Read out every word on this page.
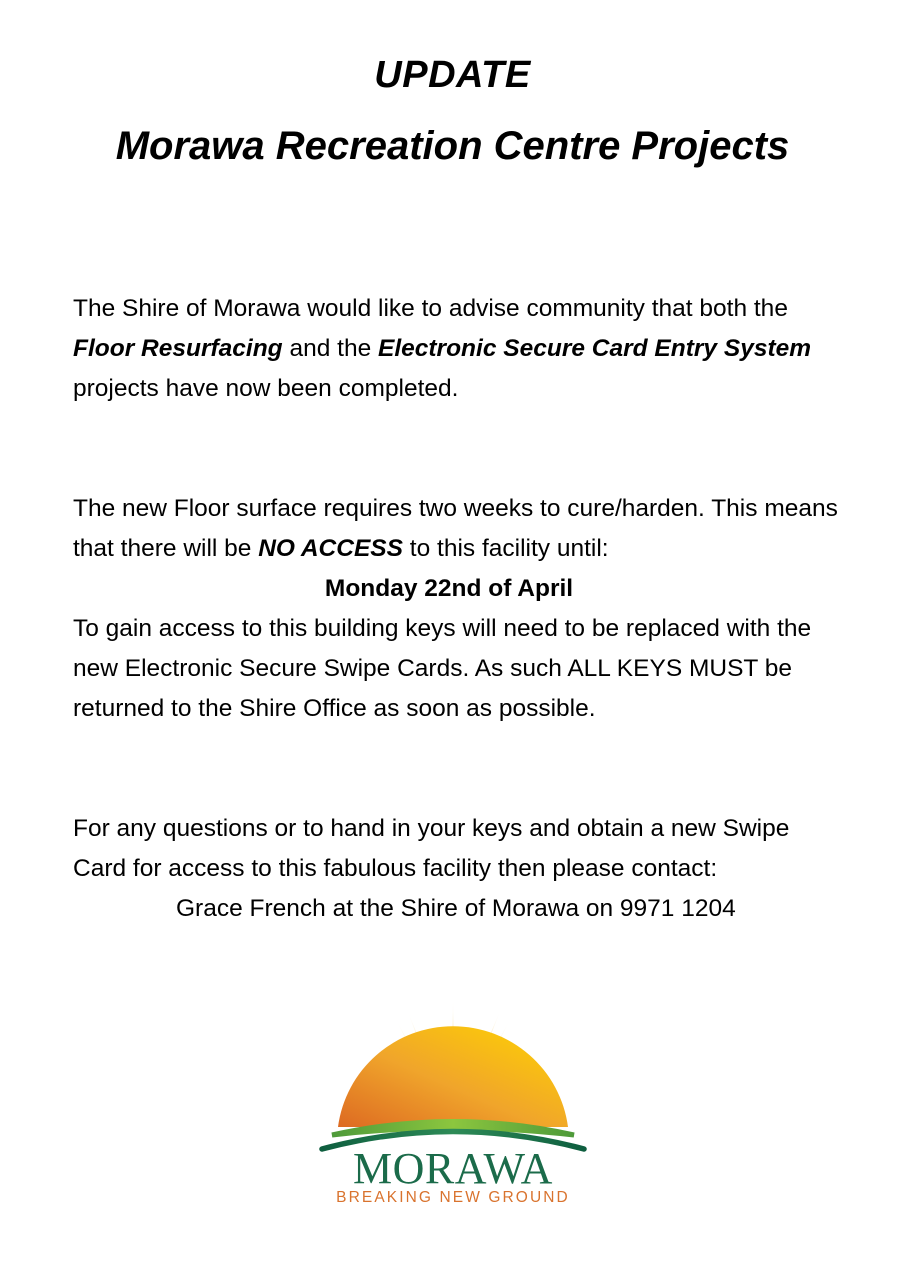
UPDATE
Morawa Recreation Centre Projects

The Shire of Morawa would like to advise community that both the Floor Resurfacing and the Electronic Secure Card Entry System projects have now been completed.

The new Floor surface requires two weeks to cure/harden. This means that there will be NO ACCESS to this facility until:

Monday 22nd of April

To gain access to this building keys will need to be replaced with the new Electronic Secure Swipe Cards. As such ALL KEYS MUST be returned to the Shire Office as soon as possible.

For any questions or to hand in your keys and obtain a new Swipe Card for access to this fabulous facility then please contact:

Grace French at the Shire of Morawa on 9971 1204

MORAWA
BREAKING NEW GROUND
